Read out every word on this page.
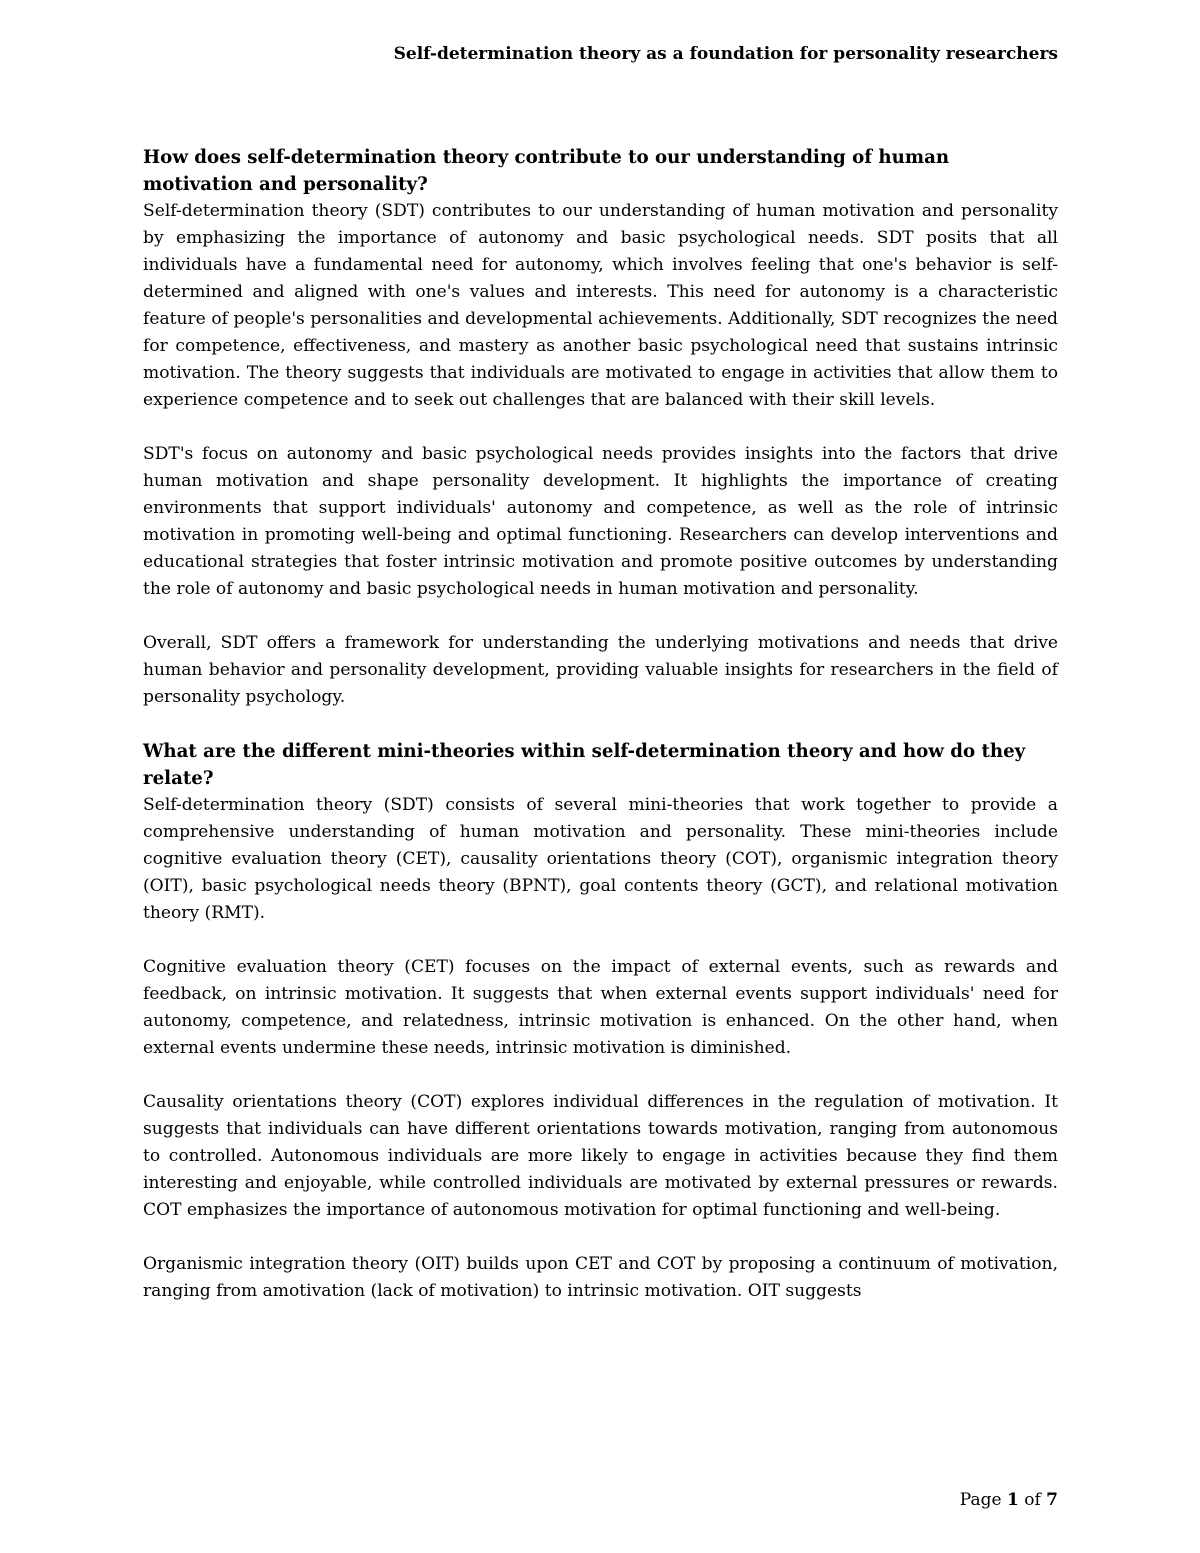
Self-determination theory as a foundation for personality researchers

How does self-determination theory contribute to our understanding of human motivation and personality?

Self-determination theory (SDT) contributes to our understanding of human motivation and personality by emphasizing the importance of autonomy and basic psychological needs. SDT posits that all individuals have a fundamental need for autonomy, which involves feeling that one's behavior is self-determined and aligned with one's values and interests. This need for autonomy is a characteristic feature of people's personalities and developmental achievements. Additionally, SDT recognizes the need for competence, effectiveness, and mastery as another basic psychological need that sustains intrinsic motivation. The theory suggests that individuals are motivated to engage in activities that allow them to experience competence and to seek out challenges that are balanced with their skill levels.

SDT's focus on autonomy and basic psychological needs provides insights into the factors that drive human motivation and shape personality development. It highlights the importance of creating environments that support individuals' autonomy and competence, as well as the role of intrinsic motivation in promoting well-being and optimal functioning. Researchers can develop interventions and educational strategies that foster intrinsic motivation and promote positive outcomes by understanding the role of autonomy and basic psychological needs in human motivation and personality.

Overall, SDT offers a framework for understanding the underlying motivations and needs that drive human behavior and personality development, providing valuable insights for researchers in the field of personality psychology.

What are the different mini-theories within self-determination theory and how do they relate?

Self-determination theory (SDT) consists of several mini-theories that work together to provide a comprehensive understanding of human motivation and personality. These mini-theories include cognitive evaluation theory (CET), causality orientations theory (COT), organismic integration theory (OIT), basic psychological needs theory (BPNT), goal contents theory (GCT), and relational motivation theory (RMT).

Cognitive evaluation theory (CET) focuses on the impact of external events, such as rewards and feedback, on intrinsic motivation. It suggests that when external events support individuals' need for autonomy, competence, and relatedness, intrinsic motivation is enhanced. On the other hand, when external events undermine these needs, intrinsic motivation is diminished.

Causality orientations theory (COT) explores individual differences in the regulation of motivation. It suggests that individuals can have different orientations towards motivation, ranging from autonomous to controlled. Autonomous individuals are more likely to engage in activities because they find them interesting and enjoyable, while controlled individuals are motivated by external pressures or rewards. COT emphasizes the importance of autonomous motivation for optimal functioning and well-being.

Organismic integration theory (OIT) builds upon CET and COT by proposing a continuum of motivation, ranging from amotivation (lack of motivation) to intrinsic motivation. OIT suggests

Page 1 of 7
